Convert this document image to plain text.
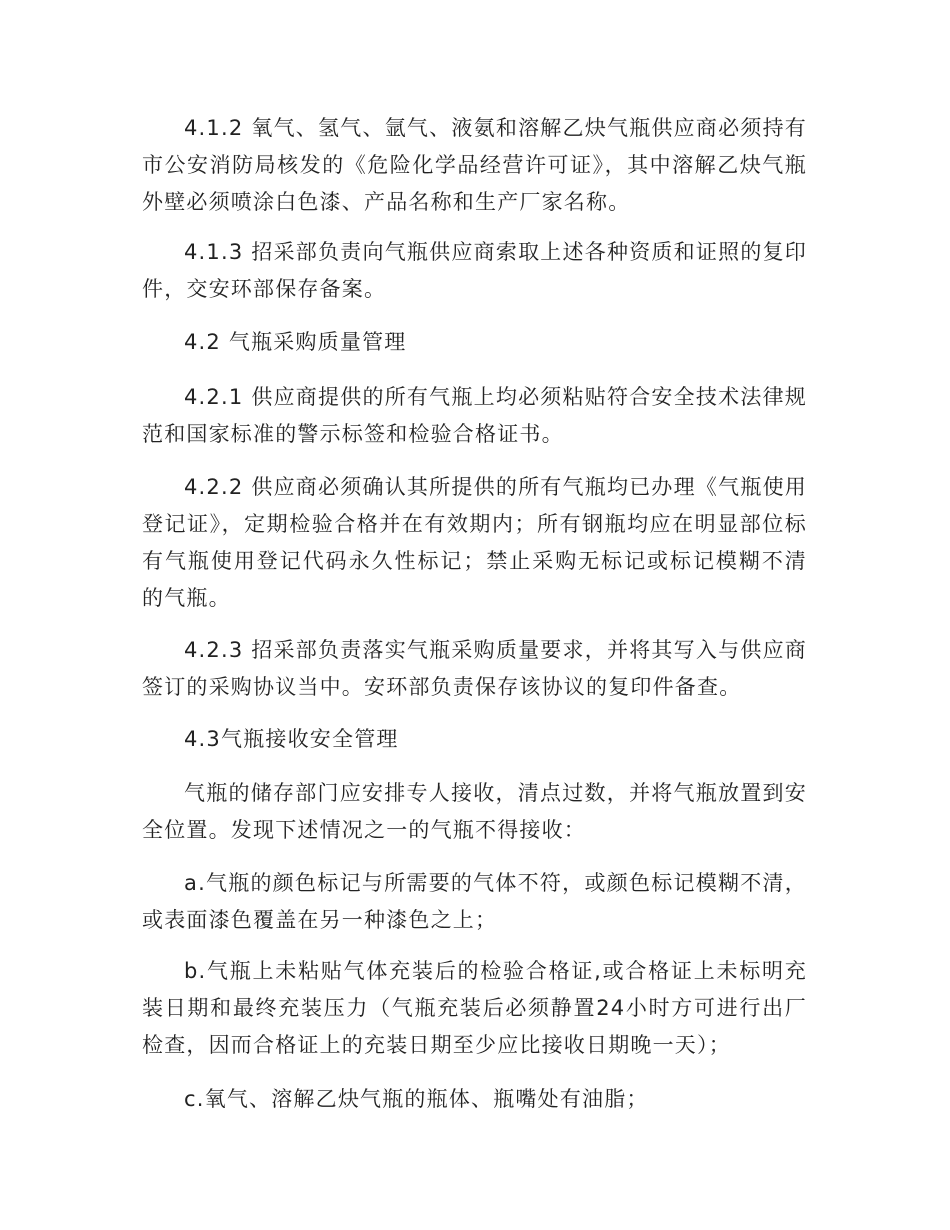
4.1.2 氧气、氢气、氩气、液氨和溶解乙炔气瓶供应商必须持有市公安消防局核发的《危险化学品经营许可证》，其中溶解乙炔气瓶外壁必须喷涂白色漆、产品名称和生产厂家名称。

4.1.3 招采部负责向气瓶供应商索取上述各种资质和证照的复印件，交安环部保存备案。

4.2 气瓶采购质量管理

4.2.1 供应商提供的所有气瓶上均必须粘贴符合安全技术法律规范和国家标准的警示标签和检验合格证书。

4.2.2 供应商必须确认其所提供的所有气瓶均已办理《气瓶使用登记证》，定期检验合格并在有效期内；所有钢瓶均应在明显部位标有气瓶使用登记代码永久性标记；禁止采购无标记或标记模糊不清的气瓶。

4.2.3 招采部负责落实气瓶采购质量要求，并将其写入与供应商签订的采购协议当中。安环部负责保存该协议的复印件备查。

4.3气瓶接收安全管理

气瓶的储存部门应安排专人接收，清点过数，并将气瓶放置到安全位置。发现下述情况之一的气瓶不得接收：

a.气瓶的颜色标记与所需要的气体不符，或颜色标记模糊不清，或表面漆色覆盖在另一种漆色之上；

b.气瓶上未粘贴气体充装后的检验合格证,或合格证上未标明充装日期和最终充装压力（气瓶充装后必须静置24小时方可进行出厂检查，因而合格证上的充装日期至少应比接收日期晚一天）；

c.氧气、溶解乙炔气瓶的瓶体、瓶嘴处有油脂；
